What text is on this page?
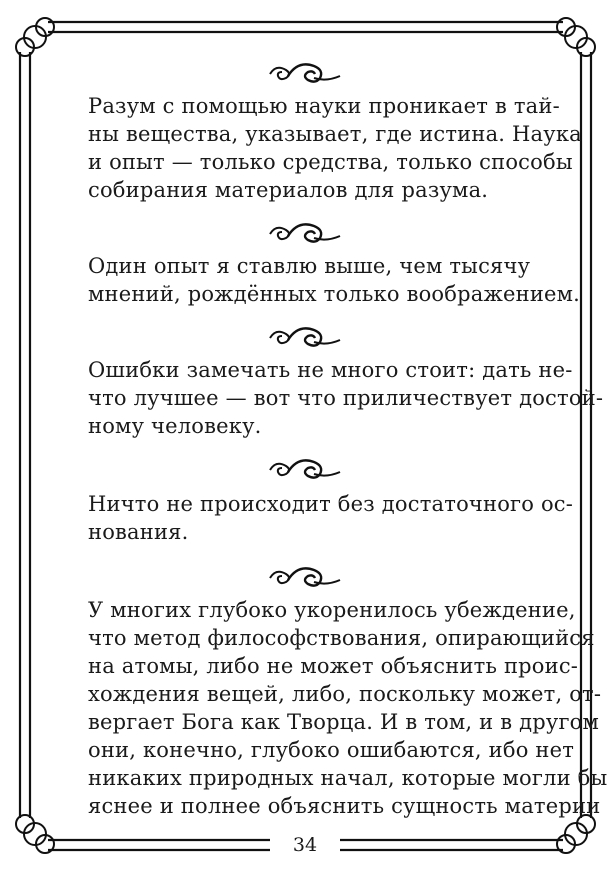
Разум с помощью науки проникает в тай-
ны вещества, указывает, где истина. Наука
и опыт — только средства, только способы
собирания материалов для разума.
Один опыт я ставлю выше, чем тысячу
мнений, рождённых только воображением.
Ошибки замечать не много стоит: дать не-
что лучшее — вот что приличествует достой-
ному человеку.
Ничто не происходит без достаточного ос-
нования.
У многих глубоко укоренилось убеждение,
что метод философствования, опирающийся
на атомы, либо не может объяснить проис-
хождения вещей, либо, поскольку может, от-
вергает Бога как Творца. И в том, и в другом
они, конечно, глубоко ошибаются, ибо нет
никаких природных начал, которые могли бы
яснее и полнее объяснить сущность материи
34
